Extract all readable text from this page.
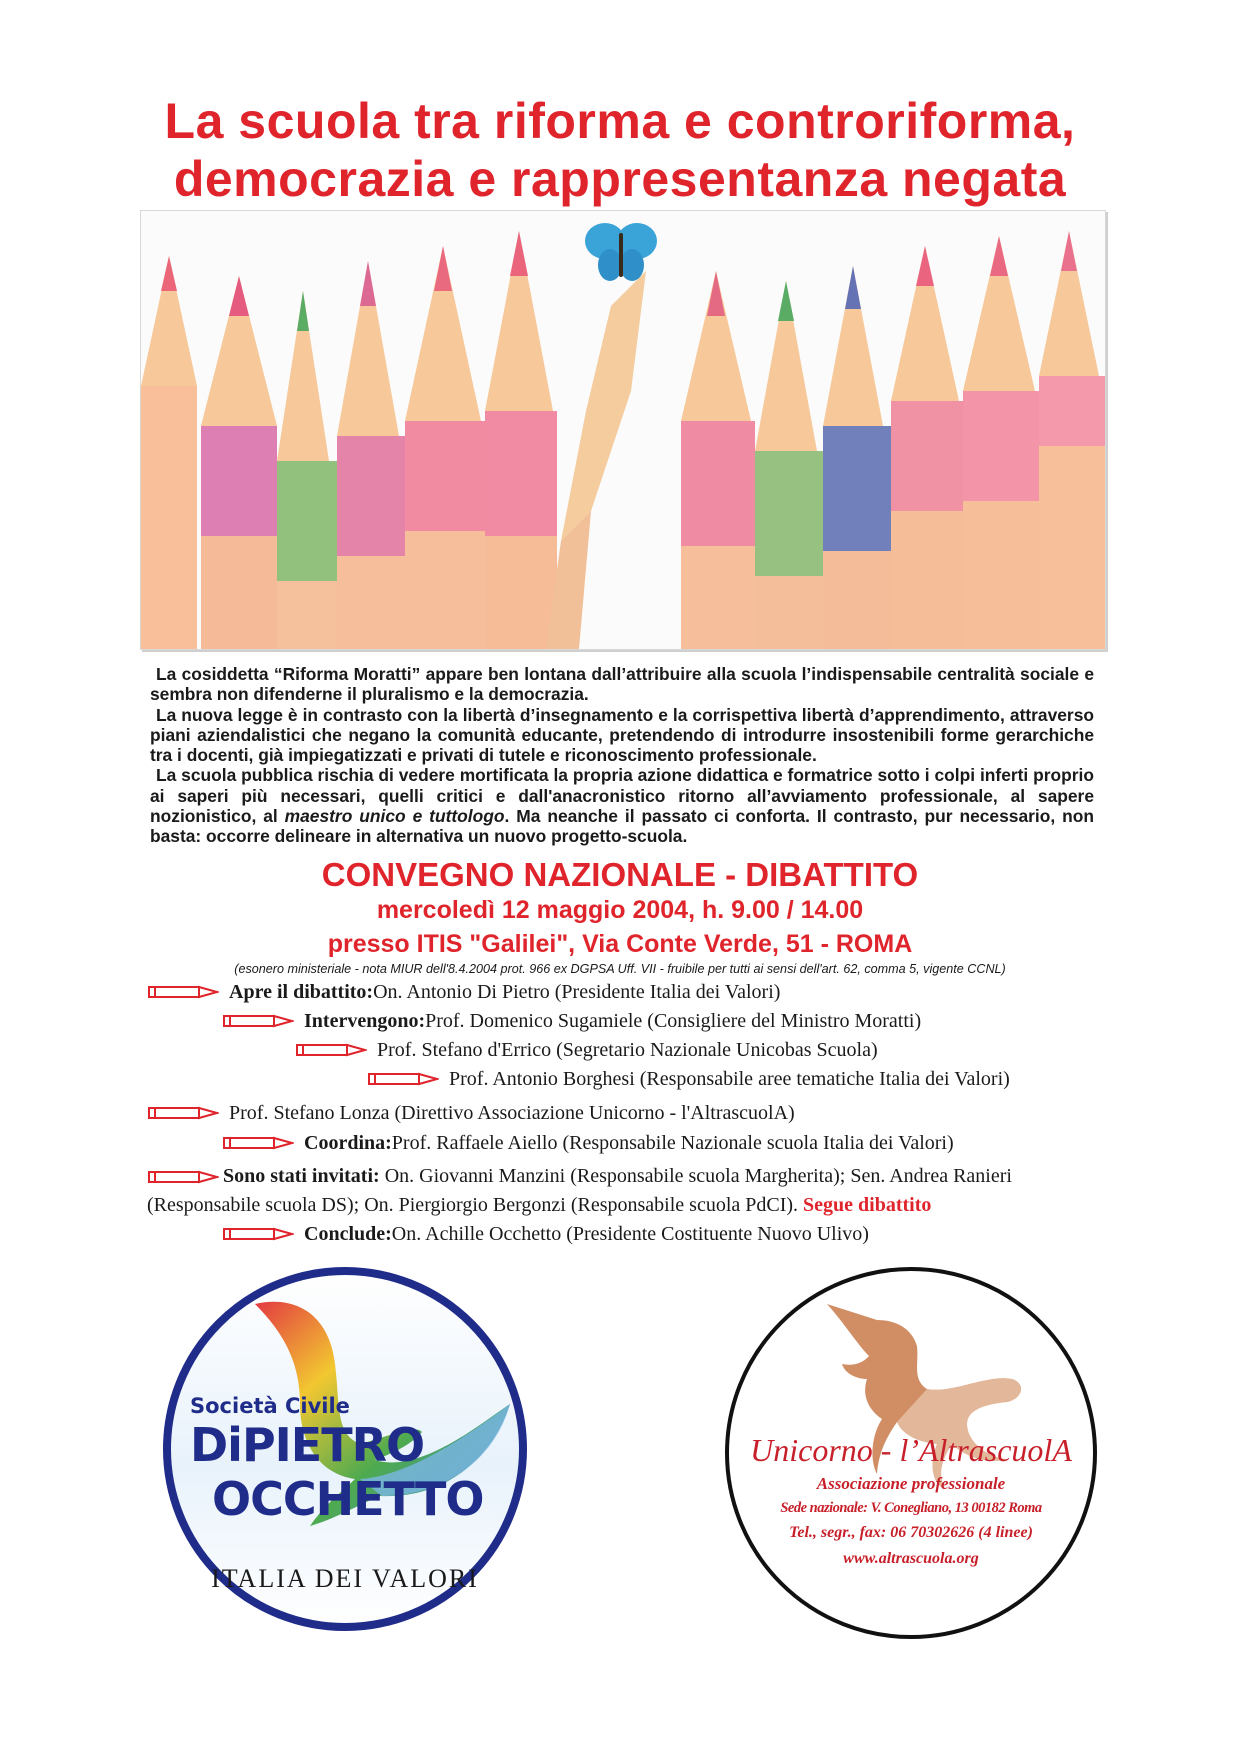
La scuola tra riforma e controriforma,
democrazia e rappresentanza negata

La cosiddetta “Riforma Moratti” appare ben lontana dall’attribuire alla scuola l’indispensabile centralità sociale e sembra non difenderne il pluralismo e la democrazia.

La nuova legge è in contrasto con la libertà d’insegnamento e la corrispettiva libertà d’apprendimento, attraverso piani aziendalistici che negano la comunità educante, pretendendo di introdurre insostenibili forme gerarchiche tra i docenti, già impiegatizzati e privati di tutele e riconoscimento professionale.

La scuola pubblica rischia di vedere mortificata la propria azione didattica e formatrice sotto i colpi inferti proprio ai saperi più necessari, quelli critici e dall'anacronistico ritorno all’avviamento professionale, al sapere nozionistico, al maestro unico e tuttologo. Ma neanche il passato ci conforta. Il contrasto, pur necessario, non basta: occorre delineare in alternativa un nuovo progetto-scuola.

CONVEGNO NAZIONALE - DIBATTITO
mercoledì 12 maggio 2004, h. 9.00 / 14.00
presso ITIS "Galilei", Via Conte Verde, 51 - ROMA
(esonero ministeriale - nota MIUR dell'8.4.2004 prot. 966 ex DGPSA Uff. VII - fruibile per tutti ai sensi dell'art. 62, comma 5, vigente CCNL)
Apre il dibattito: On. Antonio Di Pietro (Presidente Italia dei Valori)
Intervengono: Prof. Domenico Sugamiele (Consigliere del Ministro Moratti)
Prof. Stefano d'Errico (Segretario Nazionale Unicobas Scuola)
Prof. Antonio Borghesi (Responsabile aree tematiche Italia dei Valori)
Prof. Stefano Lonza (Direttivo Associazione Unicorno - l'AltrascuolA)
Coordina: Prof. Raffaele Aiello (Responsabile Nazionale scuola Italia dei Valori)
Sono stati invitati: On. Giovanni Manzini (Responsabile scuola Margherita); Sen. Andrea Ranieri (Responsabile scuola DS); On. Piergiorgio Bergonzi (Responsabile scuola PdCI). Segue dibattito
Conclude: On. Achille Occhetto (Presidente Costituente Nuovo Ulivo)
Società Civile
DiPIETRO
OCCHETTO
ITALIA DEI VALORI
Unicorno - l’AltrascuolA
Associazione professionale
Sede nazionale: V. Conegliano, 13 00182 Roma
Tel., segr., fax: 06 70302626 (4 linee)
www.altrascuola.org
